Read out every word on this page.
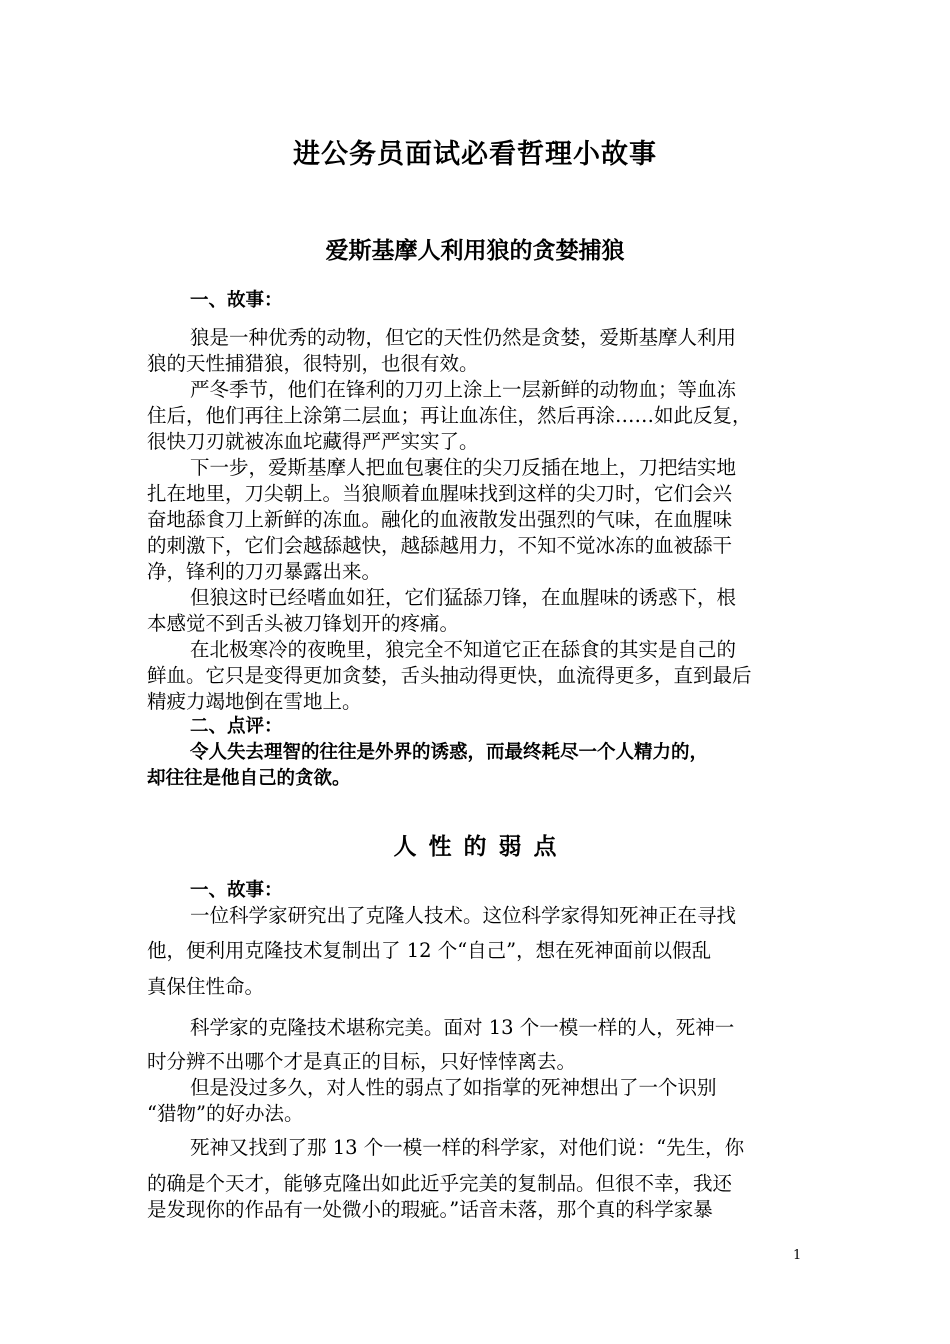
进公务员面试必看哲理小故事
爱斯基摩人利用狼的贪婪捕狼

一、故事：

狼是一种优秀的动物，但它的天性仍然是贪婪，爱斯基摩人利用

狼的天性捕猎狼，很特别，也很有效。

严冬季节，他们在锋利的刀刃上涂上一层新鲜的动物血；等血冻

住后，他们再往上涂第二层血；再让血冻住，然后再涂……如此反复，

很快刀刃就被冻血坨藏得严严实实了。

下一步，爱斯基摩人把血包裹住的尖刀反插在地上，刀把结实地

扎在地里，刀尖朝上。当狼顺着血腥味找到这样的尖刀时，它们会兴

奋地舔食刀上新鲜的冻血。融化的血液散发出强烈的气味，在血腥味

的刺激下，它们会越舔越快，越舔越用力，不知不觉冰冻的血被舔干

净，锋利的刀刃暴露出来。

但狼这时已经嗜血如狂，它们猛舔刀锋，在血腥味的诱惑下，根

本感觉不到舌头被刀锋划开的疼痛。

在北极寒冷的夜晚里，狼完全不知道它正在舔食的其实是自己的

鲜血。它只是变得更加贪婪，舌头抽动得更快，血流得更多，直到最后

精疲力竭地倒在雪地上。

二、点评：

令人失去理智的往往是外界的诱惑，而最终耗尽一个人精力的，

却往往是他自己的贪欲。

人性的弱点

一、故事：

一位科学家研究出了克隆人技术。这位科学家得知死神正在寻找

他，便利用克隆技术复制出了 12 个“自己”，想在死神面前以假乱

真保住性命。

科学家的克隆技术堪称完美。面对 13 个一模一样的人，死神一

时分辨不出哪个才是真正的目标，只好悻悻离去。

但是没过多久，对人性的弱点了如指掌的死神想出了一个识别

“猎物”的好办法。

死神又找到了那 13 个一模一样的科学家，对他们说：“先生，你

的确是个天才，能够克隆出如此近乎完美的复制品。但很不幸，我还

是发现你的作品有一处微小的瑕疵。”话音未落，那个真的科学家暴

1
